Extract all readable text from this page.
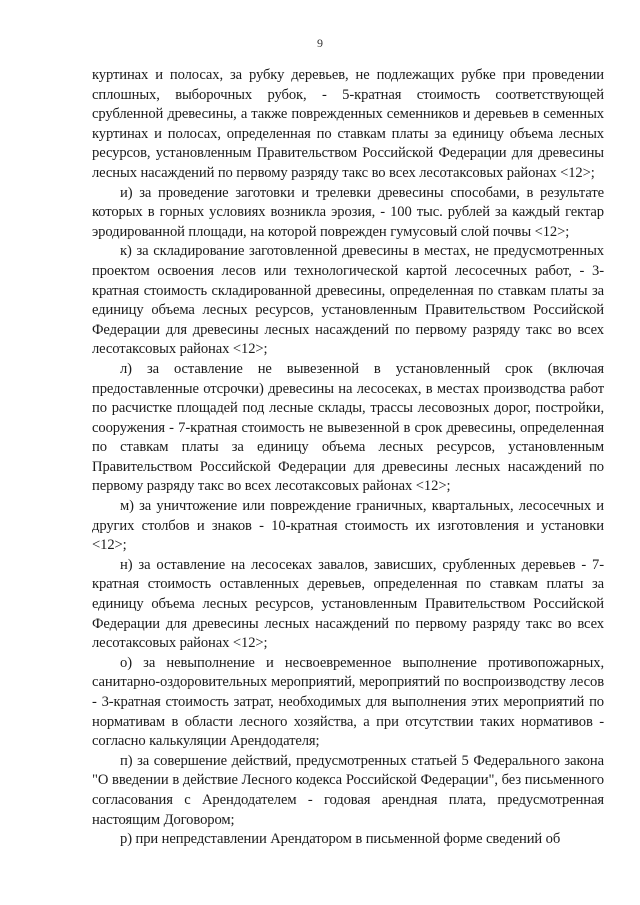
9

куртинах и полосах, за рубку деревьев, не подлежащих рубке при проведении сплошных, выборочных рубок, - 5-кратная стоимость соответствующей срубленной древесины, а также поврежденных семенников и деревьев в семенных куртинах и полосах, определенная по ставкам платы за единицу объема лесных ресурсов, установленным Правительством Российской Федерации для древесины лесных насаждений по первому разряду такс во всех лесотаксовых районах <12>;

и) за проведение заготовки и трелевки древесины способами, в результате которых в горных условиях возникла эрозия, - 100 тыс. рублей за каждый гектар эродированной площади, на которой поврежден гумусовый слой почвы <12>;

к) за складирование заготовленной древесины в местах, не предусмотренных проектом освоения лесов или технологической картой лесосечных работ, - 3-кратная стоимость складированной древесины, определенная по ставкам платы за единицу объема лесных ресурсов, установленным Правительством Российской Федерации для древесины лесных насаждений по первому разряду такс во всех лесотаксовых районах <12>;

л) за оставление не вывезенной в установленный срок (включая предоставленные отсрочки) древесины на лесосеках, в местах производства работ по расчистке площадей под лесные склады, трассы лесовозных дорог, постройки, сооружения - 7-кратная стоимость не вывезенной в срок древесины, определенная по ставкам платы за единицу объема лесных ресурсов, установленным Правительством Российской Федерации для древесины лесных насаждений по первому разряду такс во всех лесотаксовых районах <12>;

м) за уничтожение или повреждение граничных, квартальных, лесосечных и других столбов и знаков - 10-кратная стоимость их изготовления и установки <12>;

н) за оставление на лесосеках завалов, зависших, срубленных деревьев - 7-кратная стоимость оставленных деревьев, определенная по ставкам платы за единицу объема лесных ресурсов, установленным Правительством Российской Федерации для древесины лесных насаждений по первому разряду такс во всех лесотаксовых районах <12>;

о) за невыполнение и несвоевременное выполнение противопожарных, санитарно-оздоровительных мероприятий, мероприятий по воспроизводству лесов - 3-кратная стоимость затрат, необходимых для выполнения этих мероприятий по нормативам в области лесного хозяйства, а при отсутствии таких нормативов - согласно калькуляции Арендодателя;

п) за совершение действий, предусмотренных статьей 5 Федерального закона "О введении в действие Лесного кодекса Российской Федерации", без письменного согласования с Арендодателем - годовая арендная плата, предусмотренная настоящим Договором;

р) при непредставлении Арендатором в письменной форме сведений об
